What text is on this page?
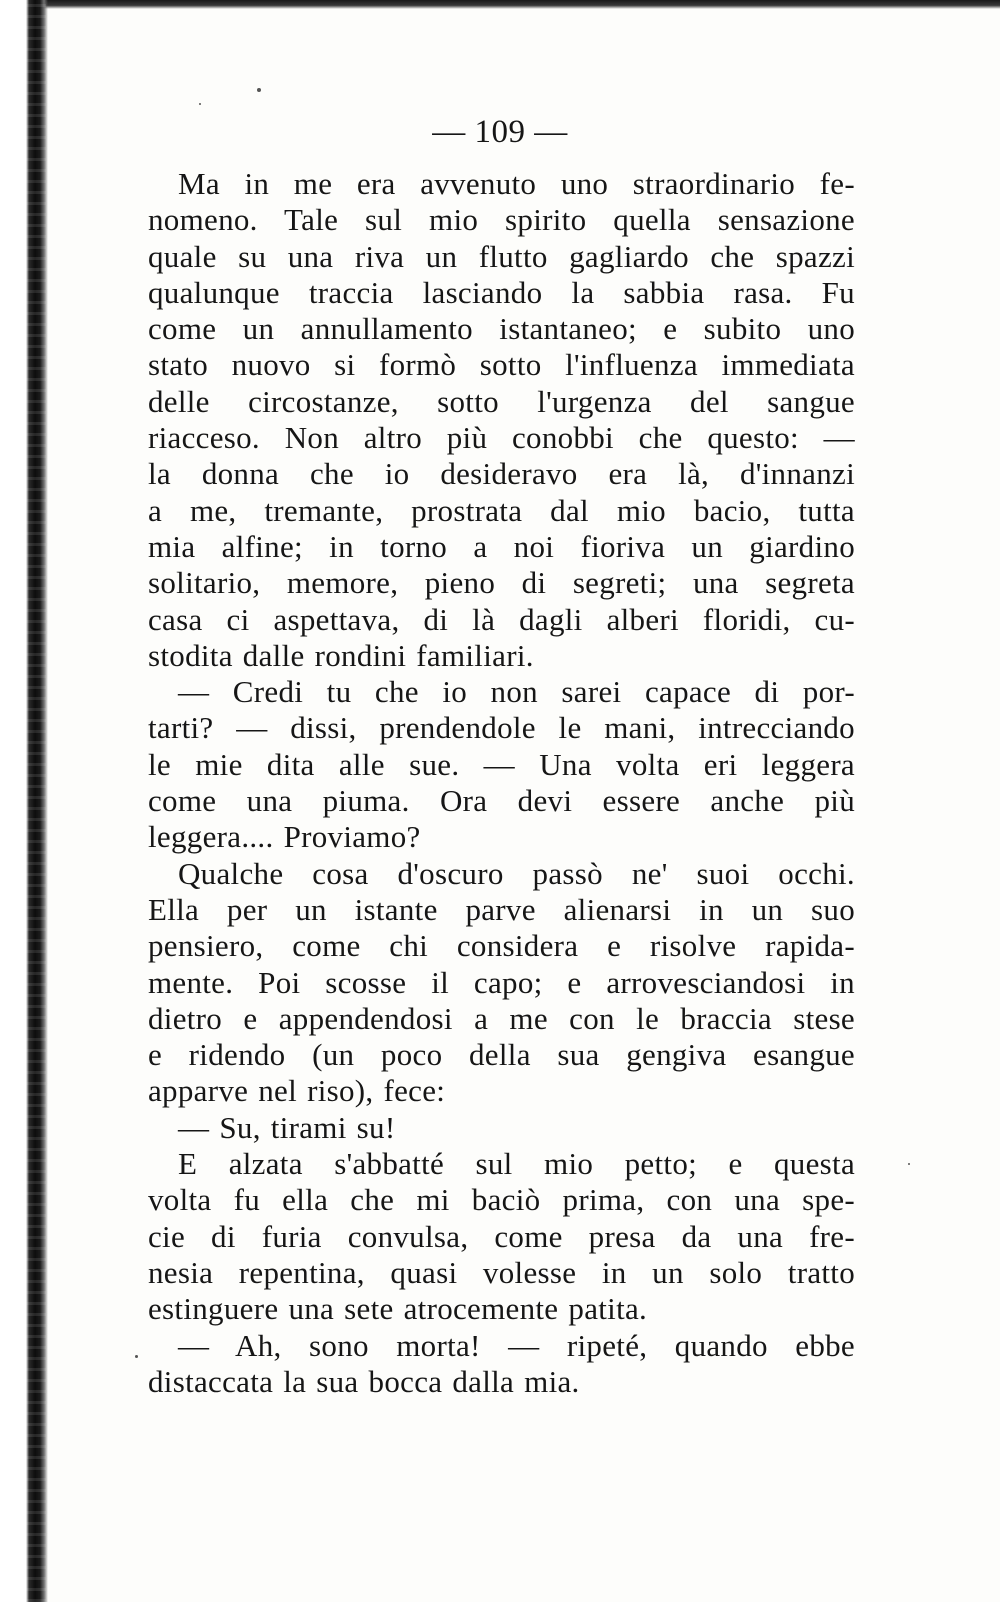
— 109 —
Ma in me era avvenuto uno straordinario fe-
nomeno. Tale sul mio spirito quella sensazione
quale su una riva un flutto gagliardo che spazzi
qualunque traccia lasciando la sabbia rasa. Fu
come un annullamento istantaneo; e subito uno
stato nuovo si formò sotto l'influenza immediata
delle circostanze, sotto l'urgenza del sangue
riacceso. Non altro più conobbi che questo: —
la donna che io desideravo era là, d'innanzi
a me, tremante, prostrata dal mio bacio, tutta
mia alfine; in torno a noi fioriva un giardino
solitario, memore, pieno di segreti; una segreta
casa ci aspettava, di là dagli alberi floridi, cu-
stodita dalle rondini familiari.
— Credi tu che io non sarei capace di por-
tarti? — dissi, prendendole le mani, intrecciando
le mie dita alle sue. — Una volta eri leggera
come una piuma. Ora devi essere anche più
leggera.... Proviamo?
Qualche cosa d'oscuro passò ne' suoi occhi.
Ella per un istante parve alienarsi in un suo
pensiero, come chi considera e risolve rapida-
mente. Poi scosse il capo; e arrovesciandosi in
dietro e appendendosi a me con le braccia stese
e ridendo (un poco della sua gengiva esangue
apparve nel riso), fece:
— Su, tirami su!
E alzata s'abbatté sul mio petto; e questa
volta fu ella che mi baciò prima, con una spe-
cie di furia convulsa, come presa da una fre-
nesia repentina, quasi volesse in un solo tratto
estinguere una sete atrocemente patita.
— Ah, sono morta! — ripeté, quando ebbe
distaccata la sua bocca dalla mia.
